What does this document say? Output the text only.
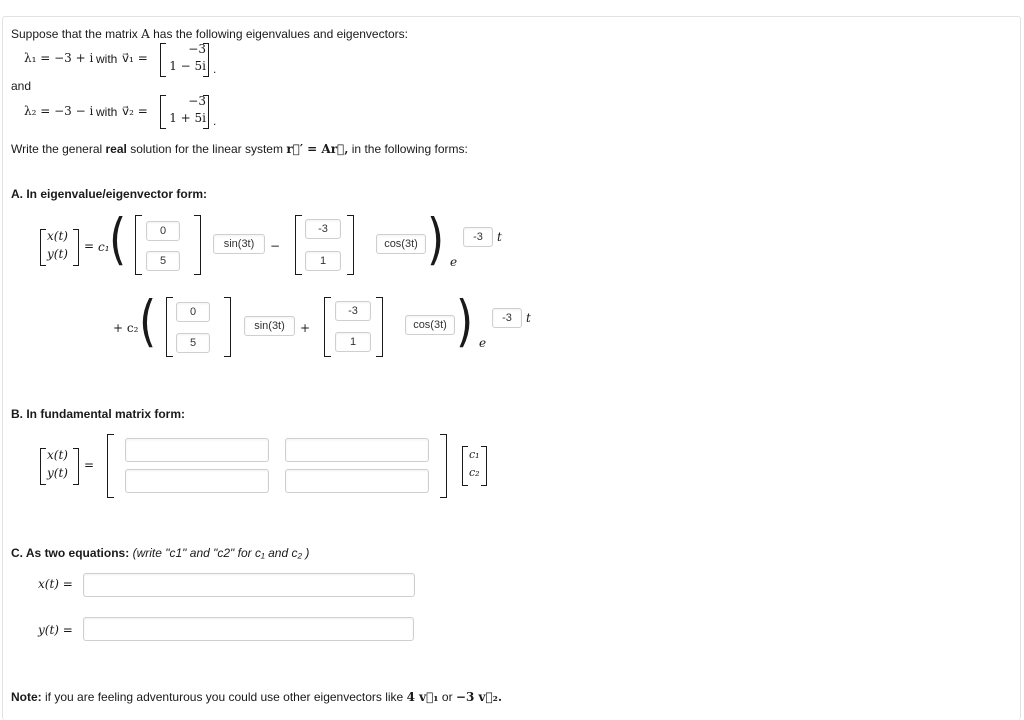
Suppose that the matrix A has the following eigenvalues and eigenvectors:
λ₁ = −3 + i with v⃗₁ =
−3
1 − 5i .
and
λ₂ = −3 − i with v⃗₂ =
−3
1 + 5i .
Write the general real solution for the linear system r⃗′ = Ar⃗, in the following forms:
A. In eigenvalue/eigenvector form:
x(t)
y(t)
= c₁ (	0
5
sin(3t)	−
-3
1
cos(3t) ) e
-3	t
+ c₂ (	0
5
sin(3t)	+
-3
1
cos(3t) ) e
-3	t
B. In fundamental matrix form:
x(t)
y(t)
=
c₁
c₂
C. As two equations: (write "c1" and "c2" for c₁ and c₂ )
x(t) =
y(t) =
Note: if you are feeling adventurous you could use other eigenvectors like 4 v⃗₁ or −3 v⃗₂.
